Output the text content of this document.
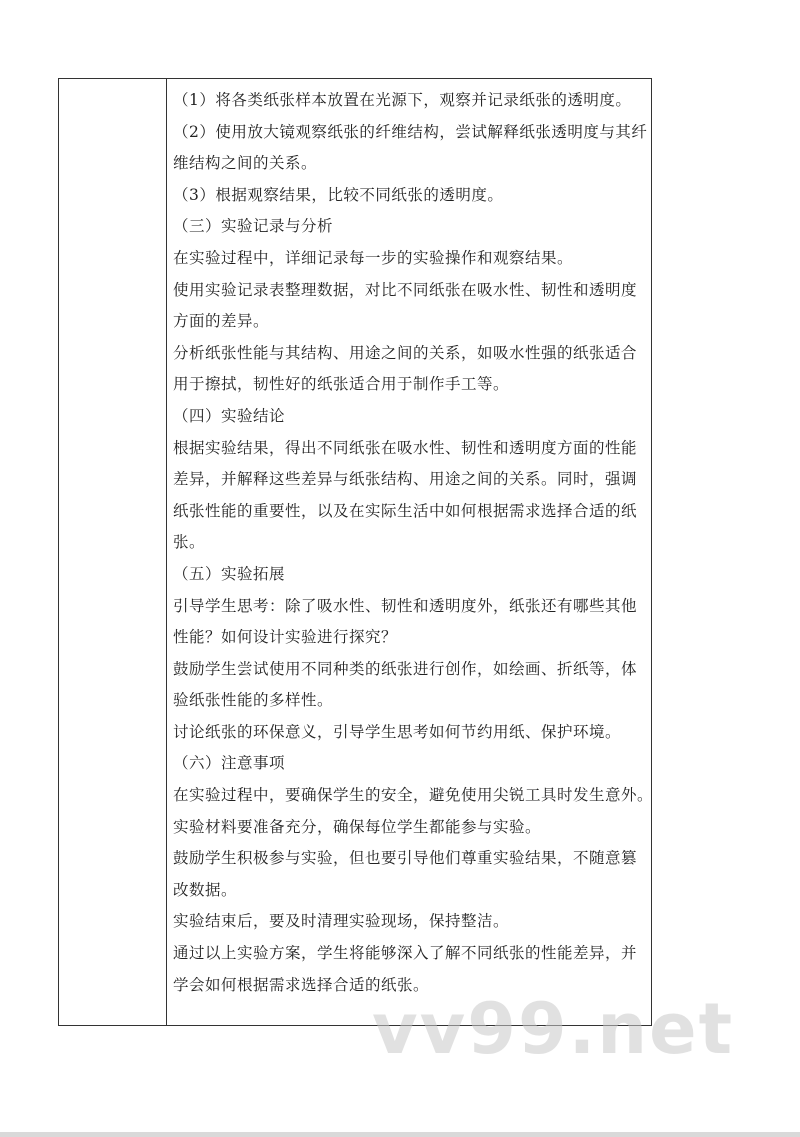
（1）将各类纸张样本放置在光源下，观察并记录纸张的透明度。

（2）使用放大镜观察纸张的纤维结构，尝试解释纸张透明度与其纤

维结构之间的关系。

（3）根据观察结果，比较不同纸张的透明度。

（三）实验记录与分析

在实验过程中，详细记录每一步的实验操作和观察结果。

使用实验记录表整理数据，对比不同纸张在吸水性、韧性和透明度

方面的差异。

分析纸张性能与其结构、用途之间的关系，如吸水性强的纸张适合

用于擦拭，韧性好的纸张适合用于制作手工等。

（四）实验结论

根据实验结果，得出不同纸张在吸水性、韧性和透明度方面的性能

差异，并解释这些差异与纸张结构、用途之间的关系。同时，强调

纸张性能的重要性，以及在实际生活中如何根据需求选择合适的纸

张。

（五）实验拓展

引导学生思考：除了吸水性、韧性和透明度外，纸张还有哪些其他

性能？如何设计实验进行探究？

鼓励学生尝试使用不同种类的纸张进行创作，如绘画、折纸等，体

验纸张性能的多样性。

讨论纸张的环保意义，引导学生思考如何节约用纸、保护环境。

（六）注意事项

在实验过程中，要确保学生的安全，避免使用尖锐工具时发生意外。

实验材料要准备充分，确保每位学生都能参与实验。

鼓励学生积极参与实验，但也要引导他们尊重实验结果，不随意篡

改数据。

实验结束后，要及时清理实验现场，保持整洁。

通过以上实验方案，学生将能够深入了解不同纸张的性能差异，并

学会如何根据需求选择合适的纸张。

vv99.net
